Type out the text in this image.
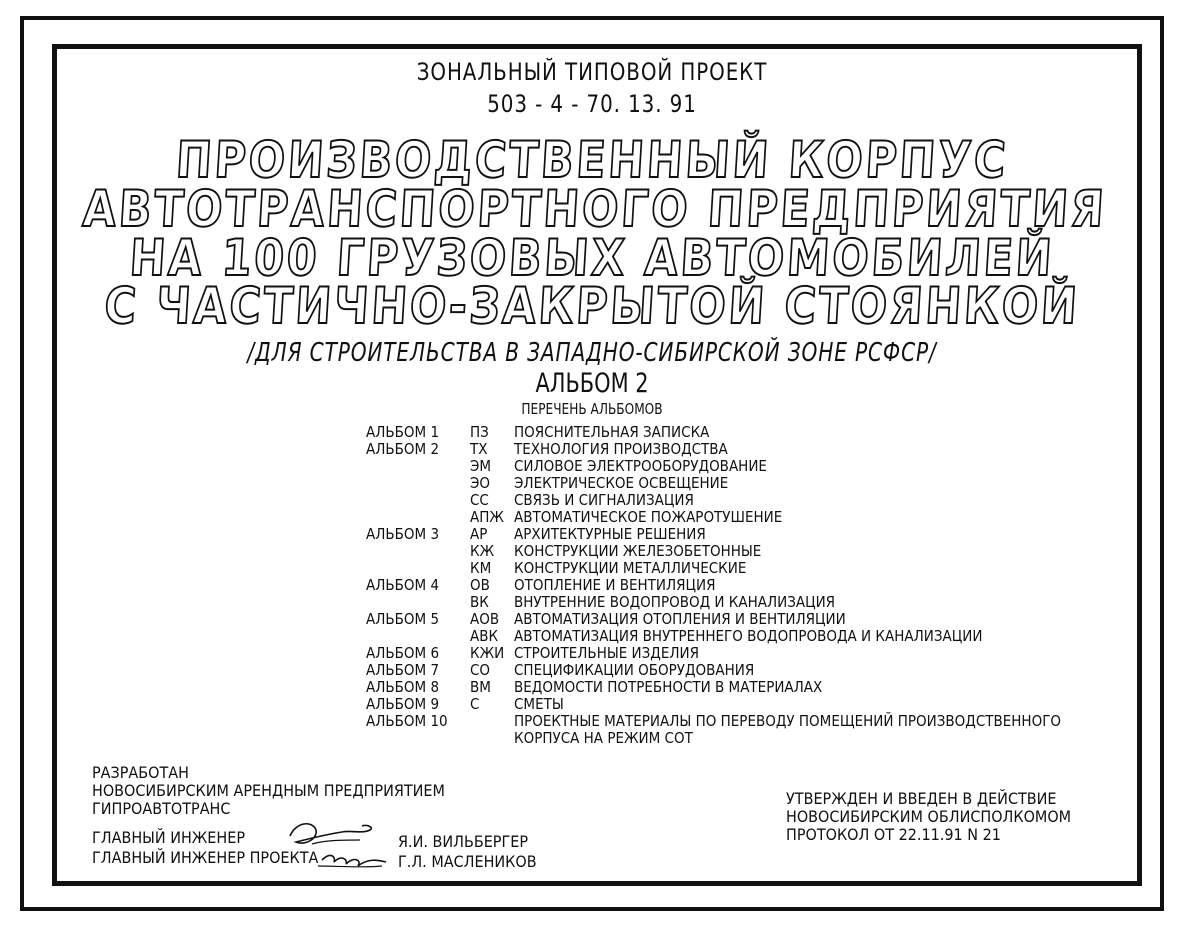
ЗОНАЛЬНЫЙ ТИПОВОЙ ПРОЕКТ
503 - 4 - 70. 13. 91
ПРОИЗВОДСТВЕННЫЙ КОРПУС
АВТОТРАНСПОРТНОГО ПРЕДПРИЯТИЯ
НА 100 ГРУЗОВЫХ АВТОМОБИЛЕЙ
С ЧАСТИЧНО-ЗАКРЫТОЙ СТОЯНКОЙ
/ДЛЯ СТРОИТЕЛЬСТВА В ЗАПАДНО-СИБИРСКОЙ ЗОНЕ РСФСР/
АЛЬБОМ 2
ПЕРЕЧЕНЬ АЛЬБОМОВ
АЛЬБОМ 1 ПЗ ПОЯСНИТЕЛЬНАЯ ЗАПИСКА
АЛЬБОМ 2 ТХ ТЕХНОЛОГИЯ ПРОИЗВОДСТВА
ЭМ СИЛОВОЕ ЭЛЕКТРООБОРУДОВАНИЕ
ЭО ЭЛЕКТРИЧЕСКОЕ ОСВЕЩЕНИЕ
СС СВЯЗЬ И СИГНАЛИЗАЦИЯ
АПЖ АВТОМАТИЧЕСКОЕ ПОЖАРОТУШЕНИЕ
АЛЬБОМ 3 АР АРХИТЕКТУРНЫЕ РЕШЕНИЯ
КЖ КОНСТРУКЦИИ ЖЕЛЕЗОБЕТОННЫЕ
КМ КОНСТРУКЦИИ МЕТАЛЛИЧЕСКИЕ
АЛЬБОМ 4 ОВ ОТОПЛЕНИЕ И ВЕНТИЛЯЦИЯ
ВК ВНУТРЕННИЕ ВОДОПРОВОД И КАНАЛИЗАЦИЯ
АЛЬБОМ 5 АОВ АВТОМАТИЗАЦИЯ ОТОПЛЕНИЯ И ВЕНТИЛЯЦИИ
АВК АВТОМАТИЗАЦИЯ ВНУТРЕННЕГО ВОДОПРОВОДА И КАНАЛИЗАЦИИ
АЛЬБОМ 6 КЖИ СТРОИТЕЛЬНЫЕ ИЗДЕЛИЯ
АЛЬБОМ 7 СО СПЕЦИФИКАЦИИ ОБОРУДОВАНИЯ
АЛЬБОМ 8 ВМ ВЕДОМОСТИ ПОТРЕБНОСТИ В МАТЕРИАЛАХ
АЛЬБОМ 9 С СМЕТЫ
АЛЬБОМ 10	ПРОЕКТНЫЕ МАТЕРИАЛЫ ПО ПЕРЕВОДУ ПОМЕЩЕНИЙ ПРОИЗВОДСТВЕННОГО
КОРПУСА НА РЕЖИМ СОТ
РАЗРАБОТАН
НОВОСИБИРСКИМ АРЕНДНЫМ ПРЕДПРИЯТИЕМ
ГИПРОАВТОТРАНС
ГЛАВНЫЙ ИНЖЕНЕР
ГЛАВНЫЙ ИНЖЕНЕР ПРОЕКТА
Я.И. ВИЛЬБЕРГЕР
Г.Л. МАСЛЕНИКОВ
УТВЕРЖДЕН И ВВЕДЕН В ДЕЙСТВИЕ
НОВОСИБИРСКИМ ОБЛИСПОЛКОМОМ
ПРОТОКОЛ ОТ 22.11.91 N 21
